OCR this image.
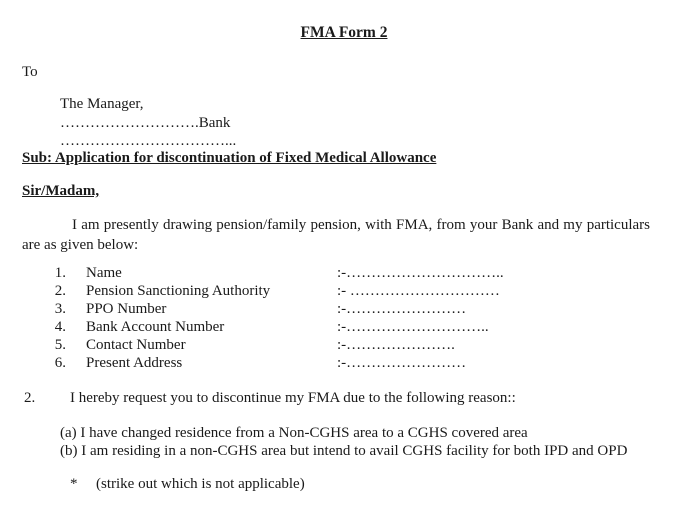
FMA Form 2
To
The Manager,
……………………….Bank
……………………………...
Sub: Application for discontinuation of Fixed Medical Allowance
Sir/Madam,
I am presently drawing pension/family pension, with FMA, from your Bank and my particulars are as given below:
1. Name	:-…………………………..
2. Pension Sanctioning Authority	:- …………………………
3. PPO Number	:-……………………
4. Bank Account Number	:-………………………..
5. Contact Number	:-………………….
6. Present Address	:-……………………
2. I hereby request you to discontinue my FMA due to the following reason::
(a) I have changed residence from a Non-CGHS area to a CGHS covered area
(b) I am residing in a non-CGHS area but intend to avail CGHS facility for both IPD and OPD
* (strike out which is not applicable)
